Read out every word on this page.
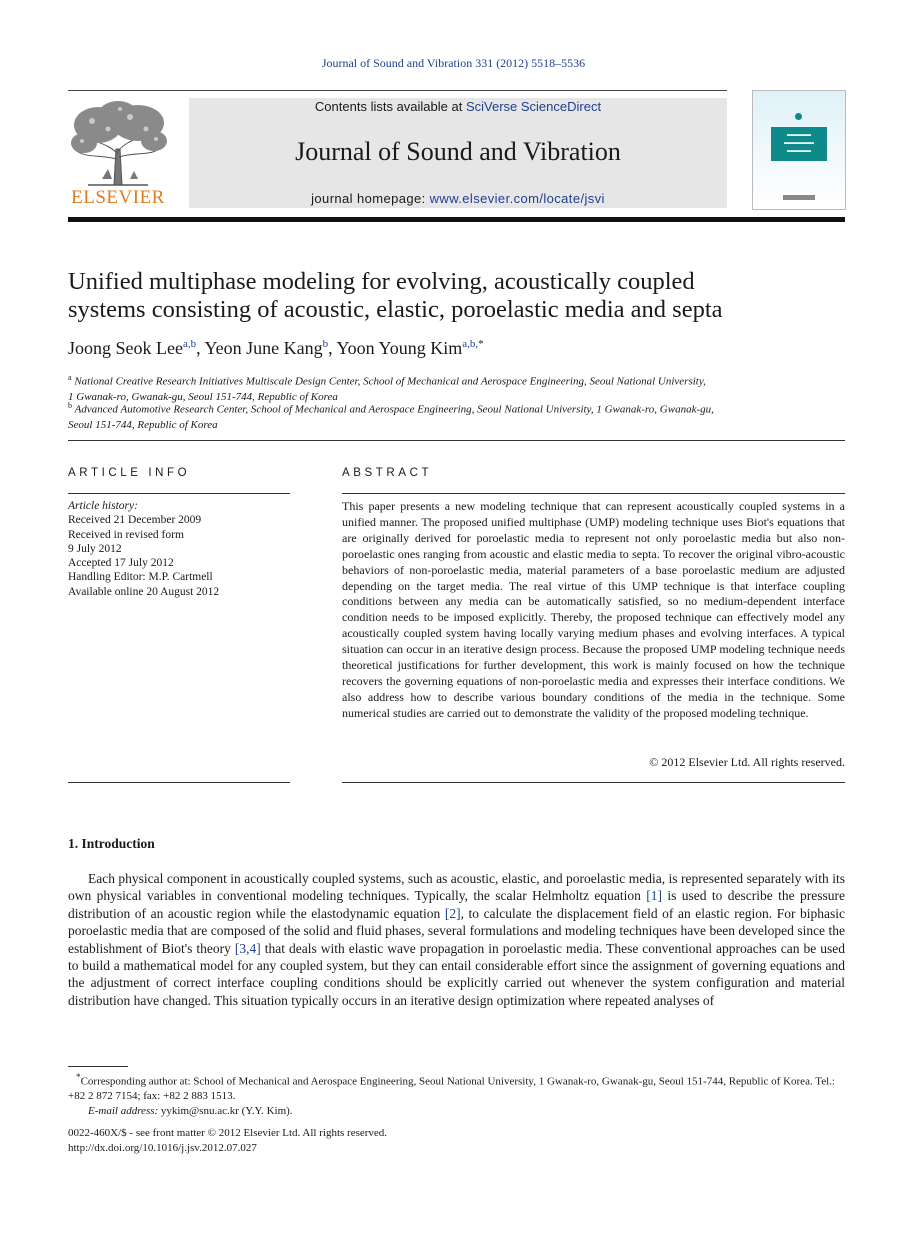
Journal of Sound and Vibration 331 (2012) 5518–5536
ELSEVIER
Contents lists available at SciVerse ScienceDirect
Journal of Sound and Vibration
journal homepage: www.elsevier.com/locate/jsvi
▬▬▬▬
▬▬▬▬▬
▬▬▬▬
Unified multiphase modeling for evolving, acoustically coupled
systems consisting of acoustic, elastic, poroelastic media and septa
Joong Seok Lee$^{a,b}$, Yeon June Kang$^b$, Yoon Young Kim$^{a,b,*}$
$^a$ National Creative Research Initiatives Multiscale Design Center, School of Mechanical and Aerospace Engineering, Seoul National University,
1 Gwanak-ro, Gwanak-gu, Seoul 151-744, Republic of Korea
$^b$ Advanced Automotive Research Center, School of Mechanical and Aerospace Engineering, Seoul National University, 1 Gwanak-ro, Gwanak-gu,
Seoul 151-744, Republic of Korea
ARTICLE INFO
Article history:
Received 21 December 2009
Received in revised form
9 July 2012
Accepted 17 July 2012
Handling Editor: M.P. Cartmell
Available online 20 August 2012
ABSTRACT
This paper presents a new modeling technique that can represent acoustically coupled systems in a unified manner. The proposed unified multiphase (UMP) modeling technique uses Biot's equations that are originally derived for poroelastic media to represent not only poroelastic media but also non-poroelastic ones ranging from acoustic and elastic media to septa. To recover the original vibro-acoustic behaviors of non-poroelastic media, material parameters of a base poroelastic medium are adjusted depending on the target media. The real virtue of this UMP technique is that interface coupling conditions between any media can be automatically satisfied, so no medium-dependent interface condition needs to be imposed explicitly. Thereby, the proposed technique can effectively model any acoustically coupled system having locally varying medium phases and evolving interfaces. A typical situation can occur in an iterative design process. Because the proposed UMP modeling technique needs theoretical justifications for further development, this work is mainly focused on how the technique recovers the governing equations of non-poroelastic media and expresses their interface conditions. We also address how to describe various boundary conditions of the media in the technique. Some numerical studies are carried out to demonstrate the validity of the proposed modeling technique.
© 2012 Elsevier Ltd. All rights reserved.
1. Introduction
Each physical component in acoustically coupled systems, such as acoustic, elastic, and poroelastic media, is represented separately with its own physical variables in conventional modeling techniques. Typically, the scalar Helmholtz equation [1] is used to describe the pressure distribution of an acoustic region while the elastodynamic equation [2], to calculate the displacement field of an elastic region. For biphasic poroelastic media that are composed of the solid and fluid phases, several formulations and modeling techniques have been developed since the establishment of Biot's theory [3,4] that deals with elastic wave propagation in poroelastic media. These conventional approaches can be used to build a mathematical model for any coupled system, but they can entail considerable effort since the assignment of governing equations and the adjustment of correct interface coupling conditions should be explicitly carried out whenever the system configuration and material distribution have changed. This situation typically occurs in an iterative design optimization where repeated analyses of
*Corresponding author at: School of Mechanical and Aerospace Engineering, Seoul National University, 1 Gwanak-ro, Gwanak-gu, Seoul 151-744, Republic of Korea. Tel.: +82 2 872 7154; fax: +82 2 883 1513.
E-mail address: yykim@snu.ac.kr (Y.Y. Kim).
0022-460X/$ - see front matter © 2012 Elsevier Ltd. All rights reserved.
http://dx.doi.org/10.1016/j.jsv.2012.07.027
